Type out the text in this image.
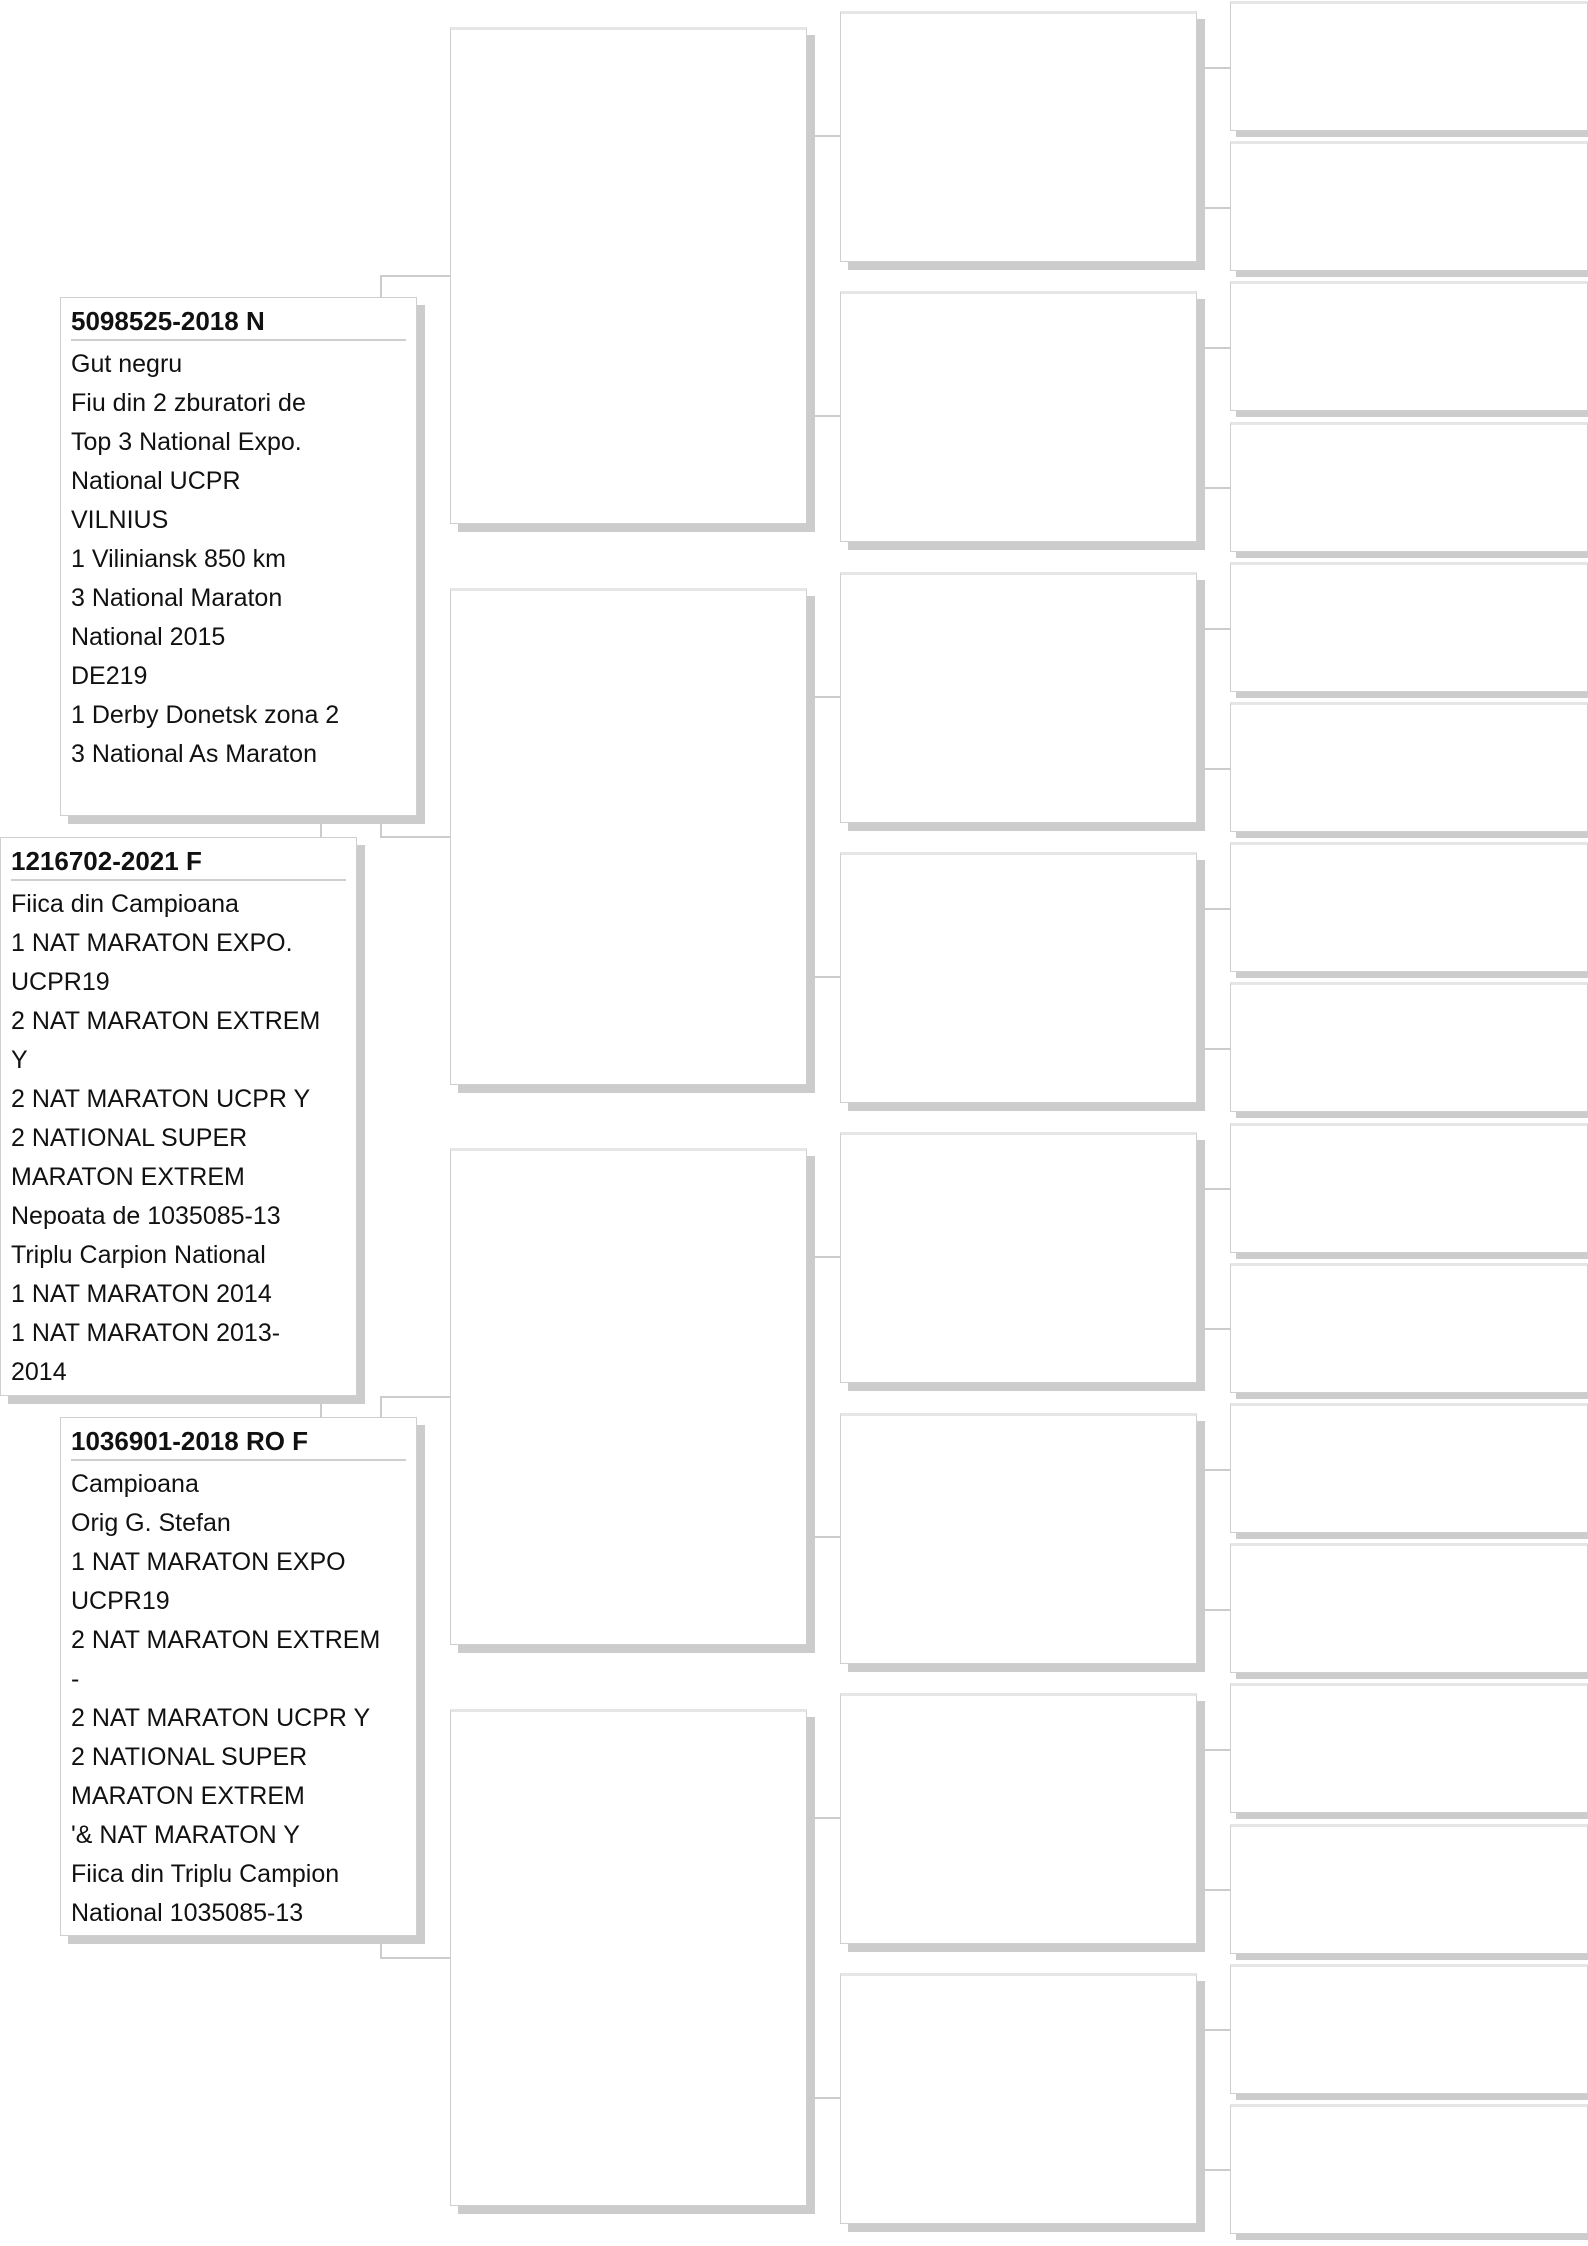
5098525-2018 N
Gut negru
Fiu din 2 zburatori de
Top 3 National Expo.
National UCPR
VILNIUS
1 Viliniansk 850 km
3 National Maraton
National 2015
DE219
1 Derby Donetsk zona 2
3 National As Maraton
1216702-2021 F
Fiica din Campioana
1 NAT MARATON EXPO.
UCPR19
2 NAT MARATON EXTREM
Y
2 NAT MARATON UCPR Y
2 NATIONAL SUPER
MARATON EXTREM
Nepoata de 1035085-13
Triplu Carpion National
1 NAT MARATON 2014
1 NAT MARATON 2013-
2014
1036901-2018 RO F
Campioana
Orig G. Stefan
1 NAT MARATON EXPO
UCPR19
2 NAT MARATON EXTREM
-
2 NAT MARATON UCPR Y
2 NATIONAL SUPER
MARATON EXTREM
'& NAT MARATON Y
Fiica din Triplu Campion
National 1035085-13
